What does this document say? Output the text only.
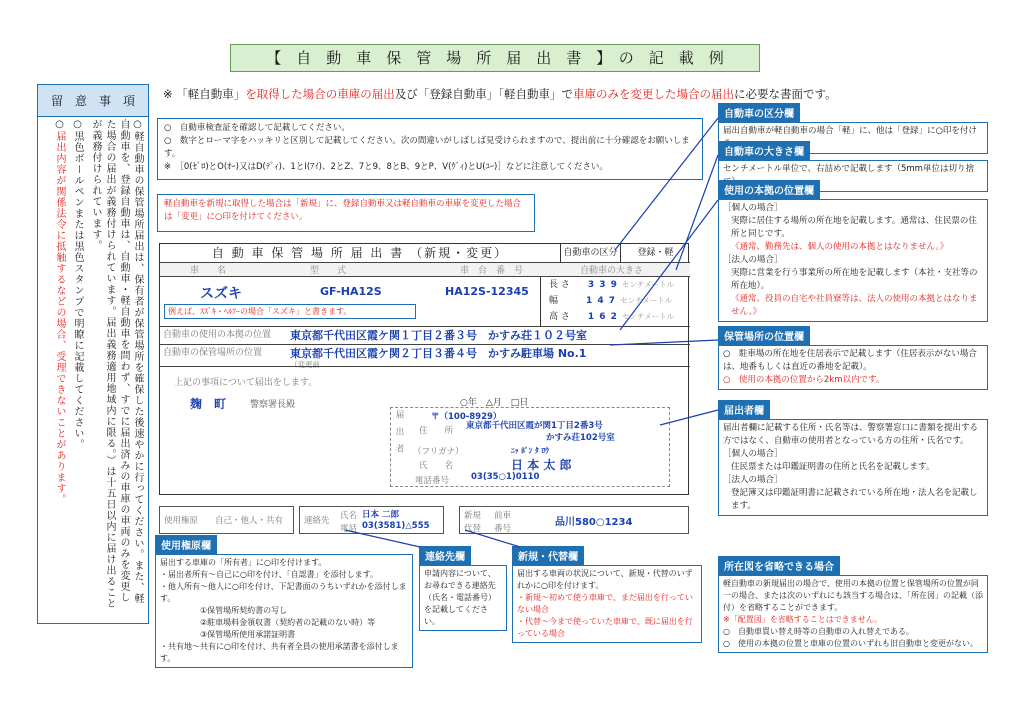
【　自　動　車　保　管　場　所　届　出　書　】　の　記　載　例
留　意　事　項
○軽自動車の保管場所届出は、保有者が保管場所を確保した後速やかに行ってください。また、軽自動車を、登録自動車は、自動車・軽自動車を問わず、すでに届出済みの車庫の車両のみを変更した場合の届出が義務付けられています。届出義務適用地域内に限る。）は十五日以内に届け出ることが義務付けられています。
○黒色ボールペンまたは黒色スタンプで明瞭に記載してください。
○届出内容が関係法令に抵触するなどの場合、受理できないことがあります。
※ 「軽自動車」を取得した場合の車庫の届出及び「登録自動車」「軽自動車」で車庫のみを変更した場合の届出に必要な書面です。
○　自動車検査証を確認して記載してください。
○　数字とローマ字をハッキリと区別して記載してください。次の間違いがしばしば見受けられますので、提出前に十分確認をお願いします。
※　［0(ｾﾞﾛ)とO(ｵｰ)又はD(ﾃﾞｨ)、1とI(ｱｲ)、2とZ、7と9、8とB、9とP、V(ｳﾞｨ)とU(ﾕｰ)］などに注意してください。
軽自動車を新規に取得した場合は「新規」に、登録自動車又は軽自動車の車庫を変更した場合は「変更」に○印を付けてください。
自 動 車 保 管 場 所 届 出 書 （新規・変更）	自動車の区分	登録・軽
車　　名	型　　式	車　台　番　号	自動車の大きさ
スズキ	GF-HA12S	HA12S-12345
例えば、ｽｽﾞｷ・ﾍﾙﾌｰの場合「スズキ」と書きます。
長 さ 3 3 9 センチメートル
幅	1 4 7 センチメートル
高 さ 1 6 2 センチメートル
自動車の使用の本拠の位置 東京都千代田区霞ケ関１丁目２番３号　かすみ荘１０２号室
自動車の保管場所の位置	東京都千代田区霞ケ関２丁目３番４号　かすみ駐車場 No.1
（変更前
上記の事項について届出をします。
○年　△月　□日
麹　町	警察署長殿
届　出　者	〒（100-8929）
住　　所 東京都千代田区霞が関1丁目2番3号
かすみ荘102号室
（フリガナ）	ﾆｯ ﾎﾟﾝ ﾀ ﾛｳ
氏　　名	日 本 太 郎
電話番号	03(35○1)0110
使用権原 自己・他人・共有 連絡先 氏名 日本 二郎
電話 03(3581)△555
新規
代替
前車
番号
品川580○1234
自動車の区分欄
届出自動車が軽自動車の場合「軽」に、他は「登録」に○印を付け
自動車の大きさ欄
センチメートル単位で、右詰めで記載します（5mm単位は切り捨
使用の本拠の位置欄
［個人の場合］
実際に居住する場所の所在地を記載します。通常は、住民票の住所と同じです。
《通常、勤務先は、個人の使用の本拠とはなりません。》
［法人の場合］
実際に営業を行う事業所の所在地を記載します（本社・支社等の所在地）。
《通常、役員の自宅や社員寮等は、法人の使用の本拠とはなりません。》
保管場所の位置欄
○　駐車場の所在地を住居表示で記載します（住居表示がない場合は、地番もしくは直近の番地を記載）。
○　使用の本拠の位置から2km以内です。
届出者欄
届出者欄に記載する住所・氏名等は、警察署窓口に書類を提出する方ではなく、自動車の使用者となっている方の住所・氏名です。
［個人の場合］
住民票または印鑑証明書の住所と氏名を記載します。
［法人の場合］
登記簿又は印鑑証明書に記載されている所在地・法人名を記載します。
所在図を省略できる場合
軽自動車の新規届出の場合で、使用の本拠の位置と保管場所の位置が同一の場合、または次のいずれにも該当する場合は、「所在図」の記載（添付）を省略することができます。
※「配置図」を省略することはできません。
○　自動車買い替え時等の自動車の入れ替えである。
○　使用の本拠の位置と車庫の位置のいずれも旧自動車と変更がない。
使用権原欄
届出する車庫の「所有者」に○印を付けます。
・届出者所有～自己に○印を付け、「自認書」を添付します。
・他人所有～他人に○印を付け、下記書面のうちいずれかを添付します。
①保管場所契約書の写し
②駐車場料金領収書（契約者の記載のない時）等
③保管場所使用承諾証明書
・共有地～共有に○印を付け、共有者全員の使用承諾書を添付します。
連絡先欄
申請内容について、お尋ねできる連絡先（氏名・電話番号）を記載してください。
新規・代替欄
届出する車両の状況について、新規・代替のいずれかに○印を付けます。
・新規～初めて使う車庫で、まだ届出を行っていない場合
・代替～今まで使っていた車庫で、既に届出を行っている場合
